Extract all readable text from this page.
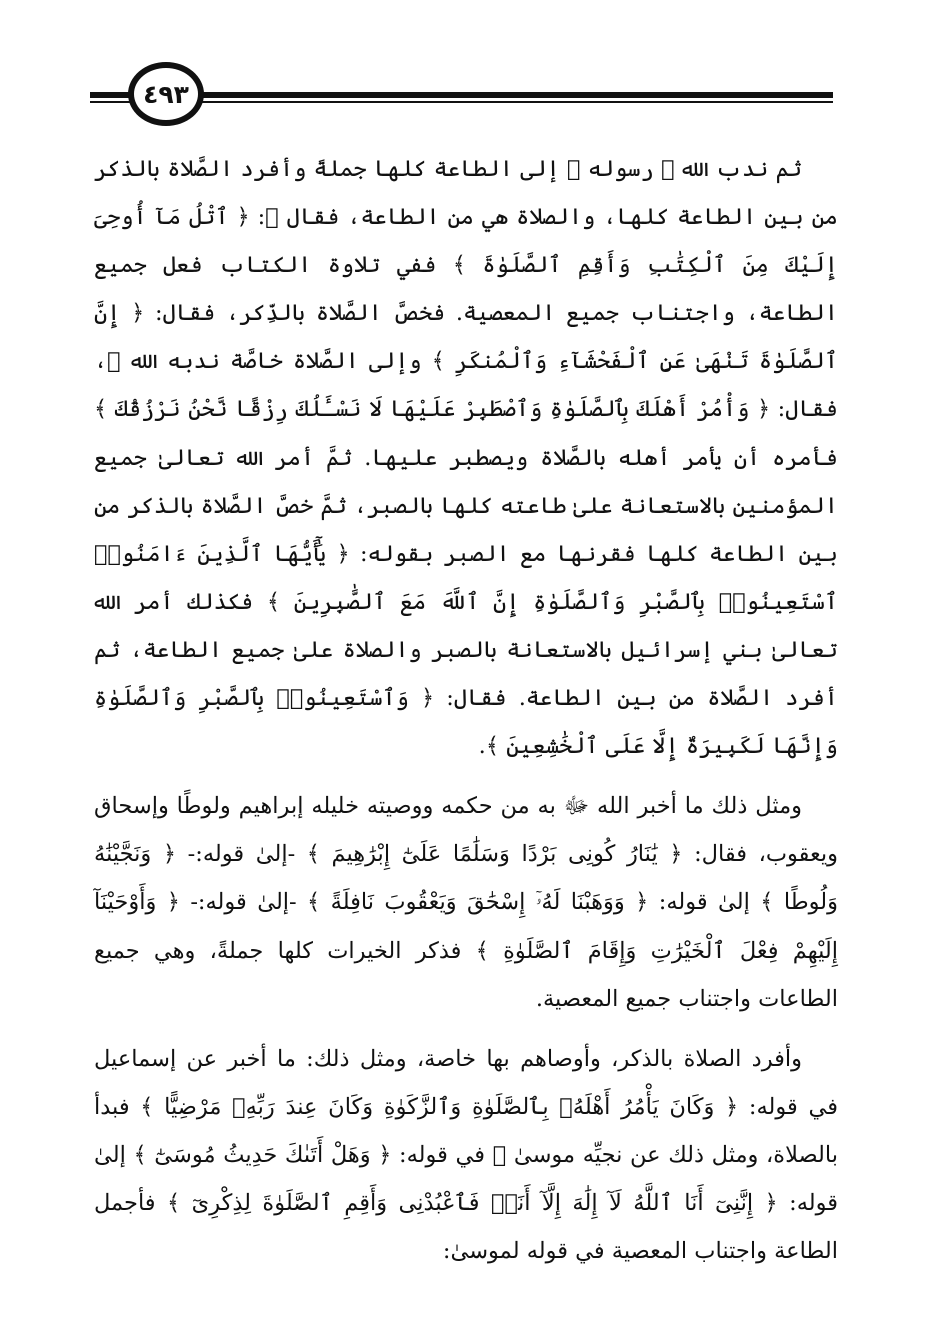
٤٩٣

ثم ندب الله ﷻ رسوله ﷺ إلى الطاعة كلها جملةً وأفرد الصَّلاة بالذكر من بين الطاعة كلها، والصلاة هي من الطاعة، فقال ﷻ: ﴿ ٱتْلُ مَآ أُوحِىَ إِلَيْكَ مِنَ ٱلْكِتَٰبِ وَأَقِمِ ٱلصَّلَوٰةَ ﴾ ففي تلاوة الكتاب فعل جميع الطاعة، واجتناب جميع المعصية. فخصَّ الصَّلاة بالذِّكر، فقال: ﴿ إِنَّ ٱلصَّلَوٰةَ تَنْهَىٰ عَنِ ٱلْفَحْشَآءِ وَٱلْمُنكَرِ ﴾ وإلى الصَّلاة خاصَّة ندبه الله ﷻ، فقال: ﴿ وَأْمُرْ أَهْلَكَ بِٱلصَّلَوٰةِ وَٱصْطَبِرْ عَلَيْهَا لَا نَسْـَٔلُكَ رِزْقًا نَّحْنُ نَرْزُقُكَ ﴾ فأمره أن يأمر أهله بالصَّلاة ويصطبر عليها. ثمَّ أمر الله تعالىٰ جميع المؤمنين بالاستعانة علىٰ طاعته كلها بالصبر، ثمَّ خصَّ الصَّلاة بالذكر من بين الطاعة كلها فقرنها مع الصبر بقوله: ﴿ يَٰٓأَيُّهَا ٱلَّذِينَ ءَامَنُوا۟ ٱسْتَعِينُوا۟ بِٱلصَّبْرِ وَٱلصَّلَوٰةِ إِنَّ ٱللَّهَ مَعَ ٱلصَّٰبِرِينَ ﴾ فكذلك أمر الله تعالىٰ بني إسرائيل بالاستعانة بالصبر والصلاة علىٰ جميع الطاعة، ثم أفرد الصَّلاة من بين الطاعة. فقال: ﴿ وَٱسْتَعِينُوا۟ بِٱلصَّبْرِ وَٱلصَّلَوٰةِ وَإِنَّهَا لَكَبِيرَةٌ إِلَّا عَلَى ٱلْخَٰشِعِينَ ﴾.

ومثل ذلك ما أخبر الله ﷻ به من حكمه ووصيته خليله إبراهيم ولوطًا وإسحاق ويعقوب، فقال: ﴿ يَٰنَارُ كُونِى بَرْدًا وَسَلَٰمًا عَلَىٰٓ إِبْرَٰهِيمَ ﴾ -إلىٰ قوله:- ﴿ وَنَجَّيْنَٰهُ وَلُوطًا ﴾ إلىٰ قوله: ﴿ وَوَهَبْنَا لَهُۥٓ إِسْحَٰقَ وَيَعْقُوبَ نَافِلَةً ﴾ -إلىٰ قوله:- ﴿ وَأَوْحَيْنَآ إِلَيْهِمْ فِعْلَ ٱلْخَيْرَٰتِ وَإِقَامَ ٱلصَّلَوٰةِ ﴾ فذكر الخيرات كلها جملةً، وهي جميع الطاعات واجتناب جميع المعصية.

وأفرد الصلاة بالذكر، وأوصاهم بها خاصة، ومثل ذلك: ما أخبر عن إسماعيل في قوله: ﴿ وَكَانَ يَأْمُرُ أَهْلَهُۥ بِٱلصَّلَوٰةِ وَٱلزَّكَوٰةِ وَكَانَ عِندَ رَبِّهِۦ مَرْضِيًّا ﴾ فبدأ بالصلاة، ومثل ذلك عن نجيِّه موسىٰ ﵇ في قوله: ﴿ وَهَلْ أَتَىٰكَ حَدِيثُ مُوسَىٰٓ ﴾ إلىٰ قوله: ﴿ إِنَّنِىٓ أَنَا ٱللَّهُ لَآ إِلَٰهَ إِلَّآ أَنَا۠ فَٱعْبُدْنِى وَأَقِمِ ٱلصَّلَوٰةَ لِذِكْرِىٓ ﴾ فأجمل الطاعة واجتناب المعصية في قوله لموسىٰ:
